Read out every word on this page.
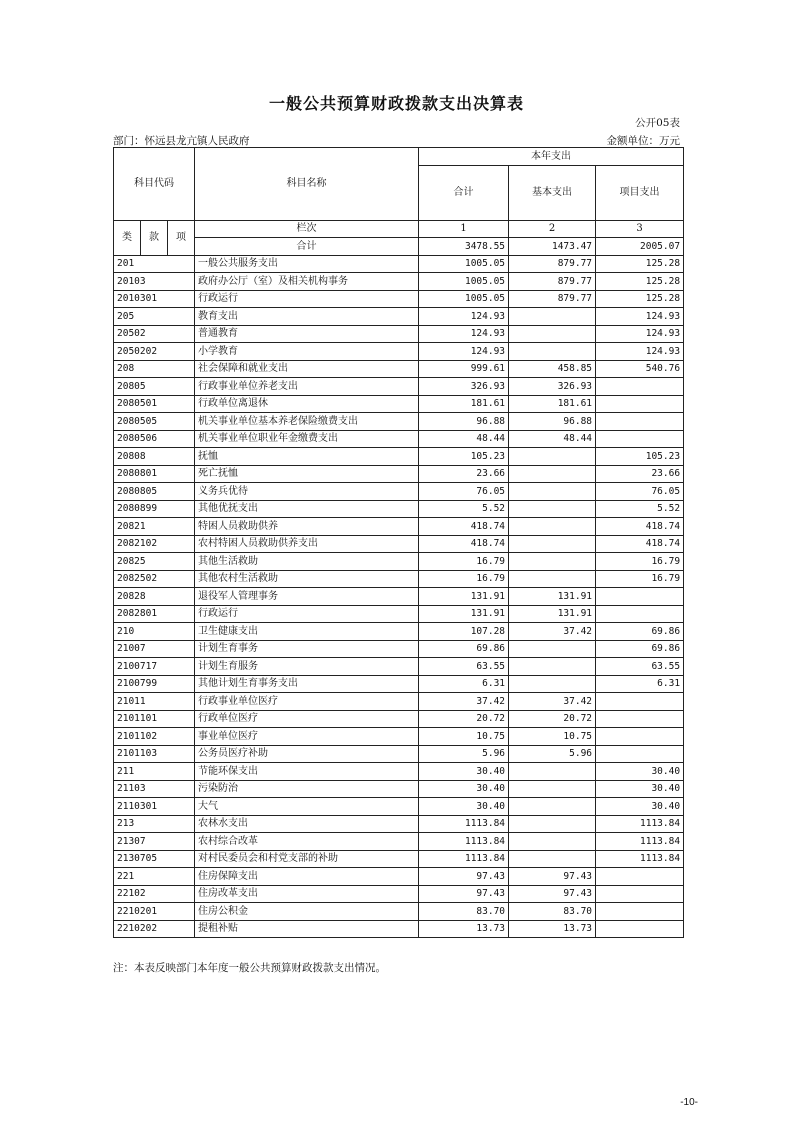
一般公共预算财政拨款支出决算表
公开05表
部门：怀远县龙亢镇人民政府	金额单位：万元
科目代码			科目名称	本年支出		
				合计	基本支出	项目支出
类	款	项	栏次	1	2	3
			合计	3478.55	1473.47	2005.07
201			一般公共服务支出	1005.05	879.77	125.28
20103			政府办公厅（室）及相关机构事务	1005.05	879.77	125.28
2010301			行政运行	1005.05	879.77	125.28
205			教育支出	124.93		124.93
20502			普通教育	124.93		124.93
2050202			小学教育	124.93		124.93
208			社会保障和就业支出	999.61	458.85	540.76
20805			行政事业单位养老支出	326.93	326.93	
2080501			行政单位离退休	181.61	181.61	
2080505			机关事业单位基本养老保险缴费支出	96.88	96.88	
2080506			机关事业单位职业年金缴费支出	48.44	48.44	
20808			抚恤	105.23		105.23
2080801			死亡抚恤	23.66		23.66
2080805			义务兵优待	76.05		76.05
2080899			其他优抚支出	5.52		5.52
20821			特困人员救助供养	418.74		418.74
2082102			农村特困人员救助供养支出	418.74		418.74
20825			其他生活救助	16.79		16.79
2082502			其他农村生活救助	16.79		16.79
20828			退役军人管理事务	131.91	131.91	
2082801			行政运行	131.91	131.91	
210			卫生健康支出	107.28	37.42	69.86
21007			计划生育事务	69.86		69.86
2100717			计划生育服务	63.55		63.55
2100799			其他计划生育事务支出	6.31		6.31
21011			行政事业单位医疗	37.42	37.42	
2101101			行政单位医疗	20.72	20.72	
2101102			事业单位医疗	10.75	10.75	
2101103			公务员医疗补助	5.96	5.96	
211			节能环保支出	30.40		30.40
21103			污染防治	30.40		30.40
2110301			大气	30.40		30.40
213			农林水支出	1113.84		1113.84
21307			农村综合改革	1113.84		1113.84
2130705			对村民委员会和村党支部的补助	1113.84		1113.84
221			住房保障支出	97.43	97.43	
22102			住房改革支出	97.43	97.43	
2210201			住房公积金	83.70	83.70	
2210202			提租补贴	13.73	13.73	
注：本表反映部门本年度一般公共预算财政拨款支出情况。
-10-
